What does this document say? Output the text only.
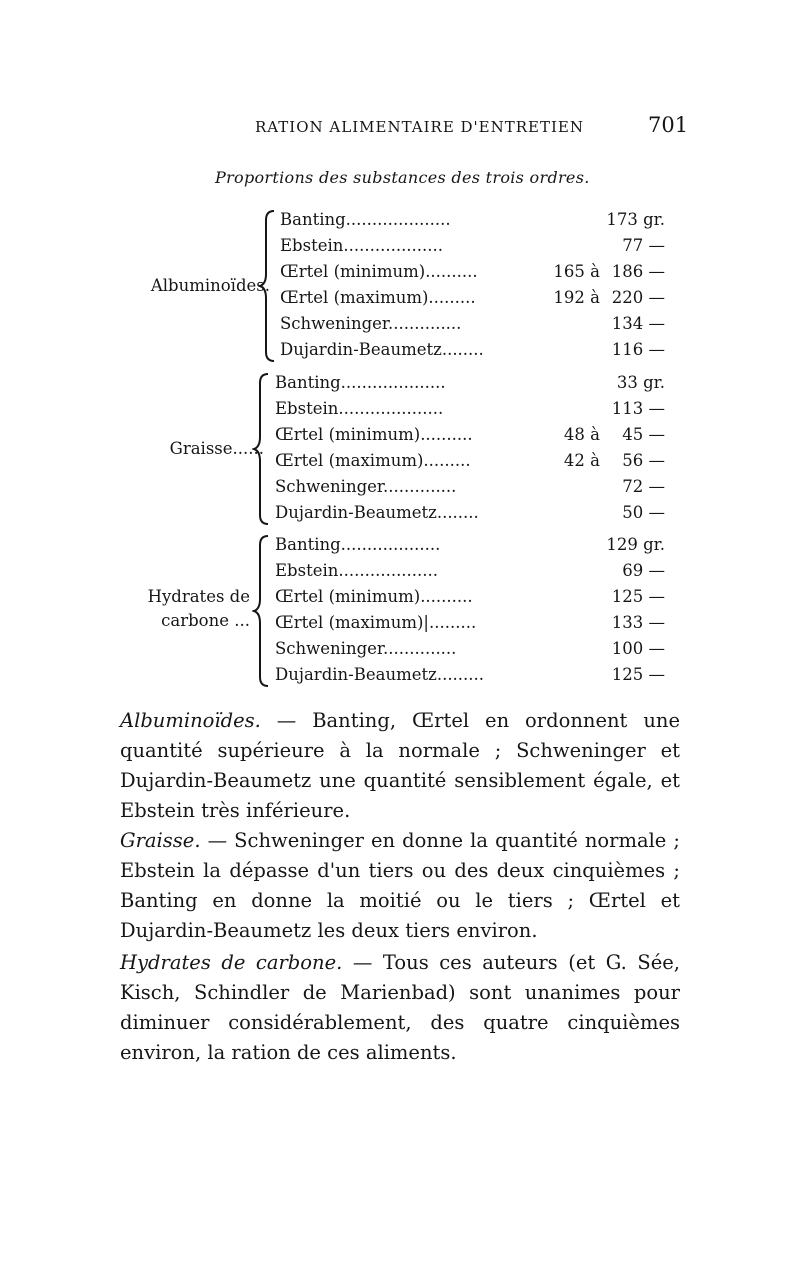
RATION ALIMENTAIRE D'ENTRETIEN	701
Proportions des substances des trois ordres.
Albuminoïdes.
Banting....................	173 gr.
Ebstein...................	77 —
Œrtel (minimum)..........	165 à 186 —
Œrtel (maximum).........	192 à 220 —
Schweninger..............	134 —
Dujardin-Beaumetz........	116 —
Graisse......
Banting....................	33 gr.
Ebstein....................	113 —
Œrtel (minimum)..........	48 à	45 —
Œrtel (maximum).........	42 à	56 —
Schweninger..............	72 —
Dujardin-Beaumetz........	50 —
Hydrates de
carbone ...
Banting...................	129 gr.
Ebstein...................	69 —
Œrtel (minimum)..........	125 —
Œrtel (maximum)|.........	133 —
Schweninger..............	100 —
Dujardin-Beaumetz.........	125 —

Albuminoïdes. — Banting, Œrtel en ordonnent une quantité supérieure à la normale ; Schweninger et Dujardin-Beaumetz une quantité sensiblement égale, et Ebstein très inférieure.

Graisse. — Schweninger en donne la quantité normale ; Ebstein la dépasse d'un tiers ou des deux cinquièmes ; Banting en donne la moitié ou le tiers ; Œrtel et Dujardin-Beaumetz les deux tiers environ.

Hydrates de carbone. — Tous ces auteurs (et G. Sée, Kisch, Schindler de Marienbad) sont unanimes pour diminuer considérablement, des quatre cinquièmes environ, la ration de ces aliments.
